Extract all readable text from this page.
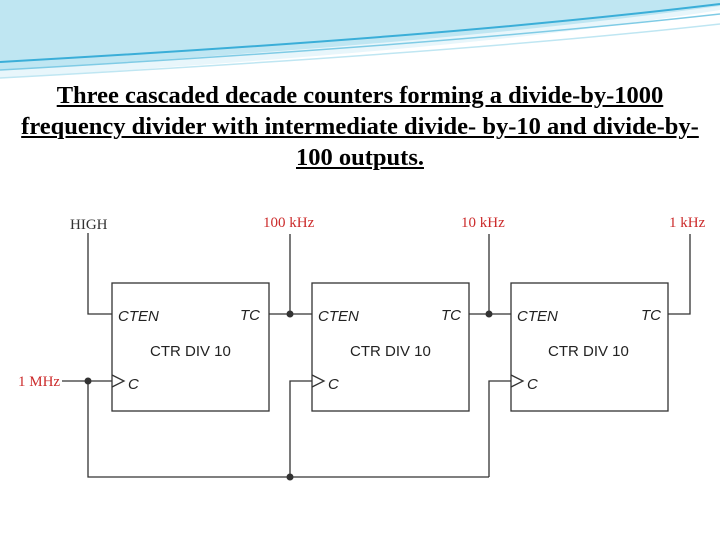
Three cascaded decade counters forming a divide-by-1000 frequency divider with intermediate divide- by-10 and divide-by-100 outputs.
HIGH
1 MHz
100 kHz	10 kHz	1 kHz
CTEN	TC
CTR DIV 10
C
CTEN	TC
CTR DIV 10
C
CTEN	TC
CTR DIV 10
C
